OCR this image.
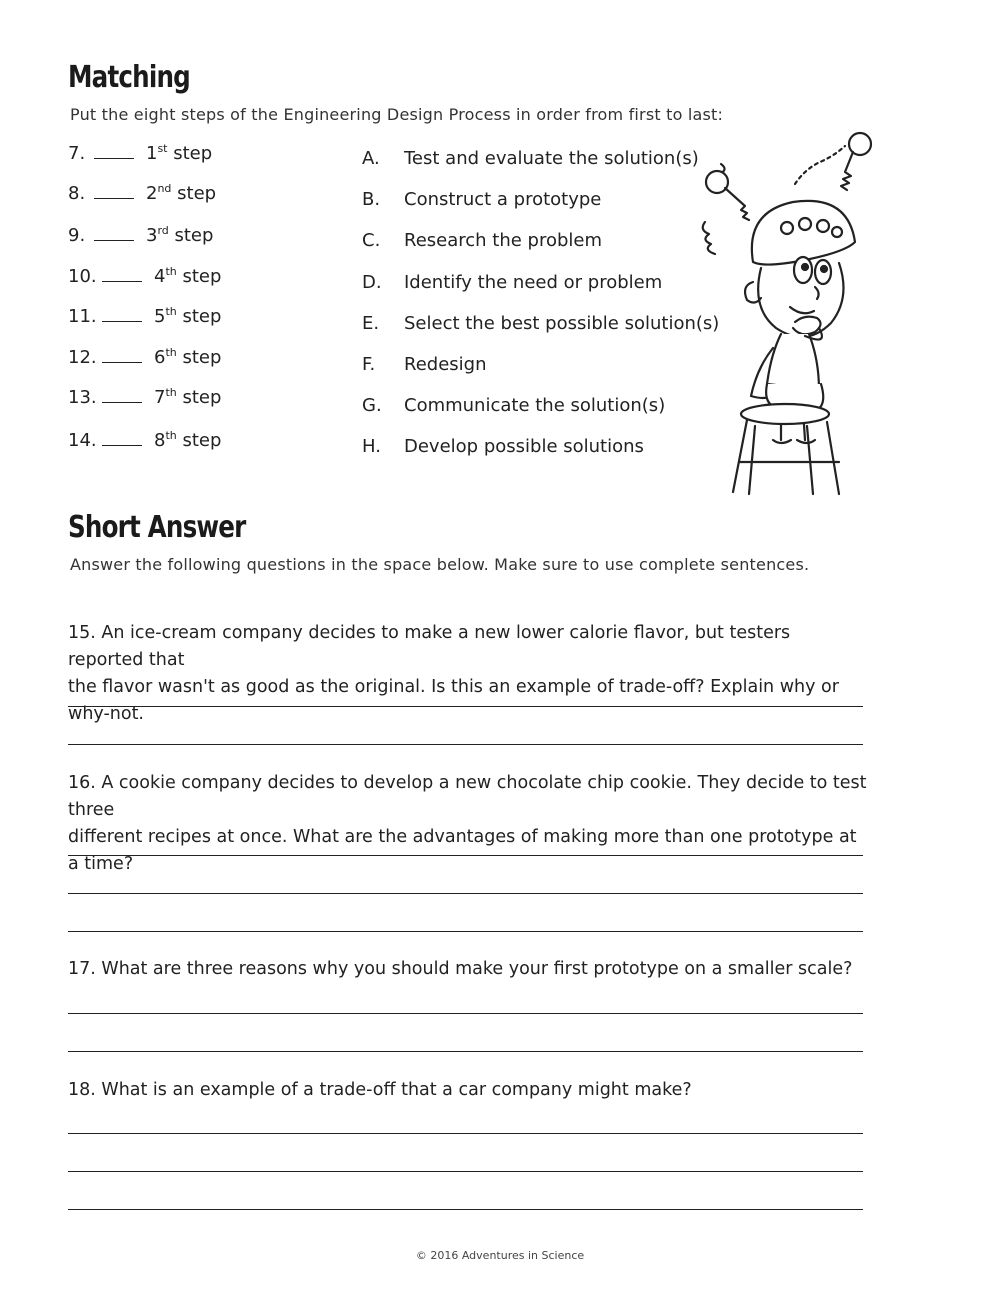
Matching
Put the eight steps of the Engineering Design Process in order from first to last:
7.	1st step
8.	2nd step
9.	3rd step
10.	4th step
11.	5th step
12.	6th step
13.	7th step
14.	8th step
A. Test and evaluate the solution(s)
B. Construct a prototype
C. Research the problem
D. Identify the need or problem
E. Select the best possible solution(s)
F. Redesign
G. Communicate the solution(s)
H. Develop possible solutions
Short Answer
Answer the following questions in the space below. Make sure to use complete sentences.
15. An ice-cream company decides to make a new lower calorie flavor, but testers reported that
the flavor wasn't as good as the original. Is this an example of trade-off? Explain why or why-not.
16. A cookie company decides to develop a new chocolate chip cookie. They decide to test three
different recipes at once. What are the advantages of making more than one prototype at a time?
17. What are three reasons why you should make your first prototype on a smaller scale?
18. What is an example of a trade-off that a car company might make?
© 2016 Adventures in Science
